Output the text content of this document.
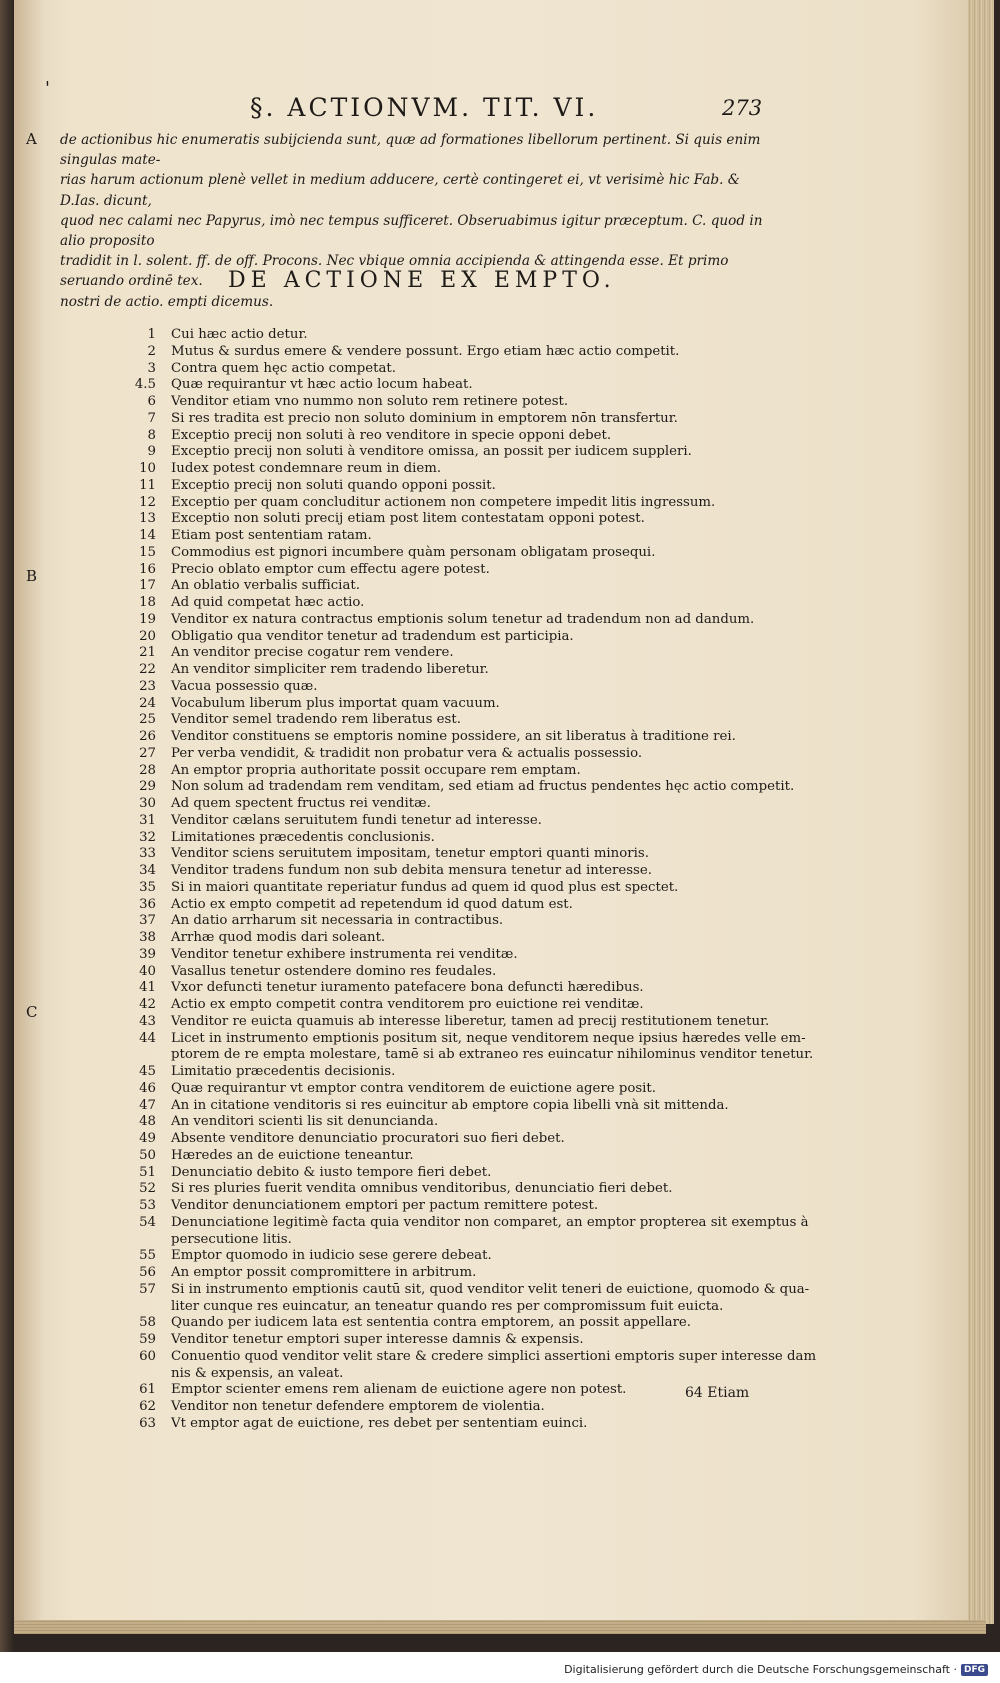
'
§. ACTIONVM. TIT. VI.	273
A
B
C
de actionibus hic enumeratis subijcienda sunt, quæ ad formationes libellorum pertinent. Si quis enim singulas mate-
rias harum actionum plenè vellet in medium adducere, certè contingeret ei, vt verisimè hic Fab. & D.Ias. dicunt,
quod nec calami nec Papyrus, imò nec tempus sufficeret. Obseruabimus igitur præceptum. C. quod in alio proposito
tradidit in l. solent. ff. de off. Procons. Nec vbique omnia accipienda & attingenda esse. Et primo seruando ordinē tex.
nostri de actio. empti dicemus.
DE ACTIONE EX EMPTO.
1	Cui hæc actio detur.
2	Mutus & surdus emere & vendere possunt. Ergo etiam hæc actio competit.
3	Contra quem hęc actio competat.
4.5	Quæ requirantur vt hæc actio locum habeat.
6	Venditor etiam vno nummo non soluto rem retinere potest.
7	Si res tradita est precio non soluto dominium in emptorem nōn transfertur.
8	Exceptio precij non soluti à reo venditore in specie opponi debet.
9	Exceptio precij non soluti à venditore omissa, an possit per iudicem suppleri.
10	Iudex potest condemnare reum in diem.
11	Exceptio precij non soluti quando opponi possit.
12	Exceptio per quam concluditur actionem non competere impedit litis ingressum.
13	Exceptio non soluti precij etiam post litem contestatam opponi potest.
14	Etiam post sententiam ratam.
15	Commodius est pignori incumbere quàm personam obligatam prosequi.
16	Precio oblato emptor cum effectu agere potest.
17	An oblatio verbalis sufficiat.
18	Ad quid competat hæc actio.
19	Venditor ex natura contractus emptionis solum tenetur ad tradendum non ad dandum.
20	Obligatio qua venditor tenetur ad tradendum est participia.
21	An venditor precise cogatur rem vendere.
22	An venditor simpliciter rem tradendo liberetur.
23	Vacua possessio quæ.
24	Vocabulum liberum plus importat quam vacuum.
25	Venditor semel tradendo rem liberatus est.
26	Venditor constituens se emptoris nomine possidere, an sit liberatus à traditione rei.
27	Per verba vendidit, & tradidit non probatur vera & actualis possessio.
28	An emptor propria authoritate possit occupare rem emptam.
29	Non solum ad tradendam rem venditam, sed etiam ad fructus pendentes hęc actio competit.
30	Ad quem spectent fructus rei venditæ.
31	Venditor cælans seruitutem fundi tenetur ad interesse.
32	Limitationes præcedentis conclusionis.
33	Venditor sciens seruitutem impositam, tenetur emptori quanti minoris.
34	Venditor tradens fundum non sub debita mensura tenetur ad interesse.
35	Si in maiori quantitate reperiatur fundus ad quem id quod plus est spectet.
36	Actio ex empto competit ad repetendum id quod datum est.
37	An datio arrharum sit necessaria in contractibus.
38	Arrhæ quod modis dari soleant.
39	Venditor tenetur exhibere instrumenta rei venditæ.
40	Vasallus tenetur ostendere domino res feudales.
41	Vxor defuncti tenetur iuramento patefacere bona defuncti hæredibus.
42	Actio ex empto competit contra venditorem pro euictione rei venditæ.
43	Venditor re euicta quamuis ab interesse liberetur, tamen ad precij restitutionem tenetur.
44	Licet in instrumento emptionis positum sit, neque venditorem neque ipsius hæredes velle em-
ptorem de re empta molestare, tamē si ab extraneo res euincatur nihilominus venditor tenetur.
45	Limitatio præcedentis decisionis.
46	Quæ requirantur vt emptor contra venditorem de euictione agere posit.
47	An in citatione venditoris si res euincitur ab emptore copia libelli vnà sit mittenda.
48	An venditori scienti lis sit denuncianda.
49	Absente venditore denunciatio procuratori suo fieri debet.
50	Hæredes an de euictione teneantur.
51	Denunciatio debito & iusto tempore fieri debet.
52	Si res pluries fuerit vendita omnibus venditoribus, denunciatio fieri debet.
53	Venditor denunciationem emptori per pactum remittere potest.
54	Denunciatione legitimè facta quia venditor non comparet, an emptor propterea sit exemptus à
persecutione litis.
55	Emptor quomodo in iudicio sese gerere debeat.
56	An emptor possit compromittere in arbitrum.
57	Si in instrumento emptionis cautū sit, quod venditor velit teneri de euictione, quomodo & qua-
liter cunque res euincatur, an teneatur quando res per compromissum fuit euicta.
58	Quando per iudicem lata est sententia contra emptorem, an possit appellare.
59	Venditor tenetur emptori super interesse damnis & expensis.
60	Conuentio quod venditor velit stare & credere simplici assertioni emptoris super interesse dam
nis & expensis, an valeat.
61	Emptor scienter emens rem alienam de euictione agere non potest.
62	Venditor non tenetur defendere emptorem de violentia.
63	Vt emptor agat de euictione, res debet per sententiam euinci.
64 Etiam
Digitalisierung gefördert durch die Deutsche Forschungsgemeinschaft · DFG
